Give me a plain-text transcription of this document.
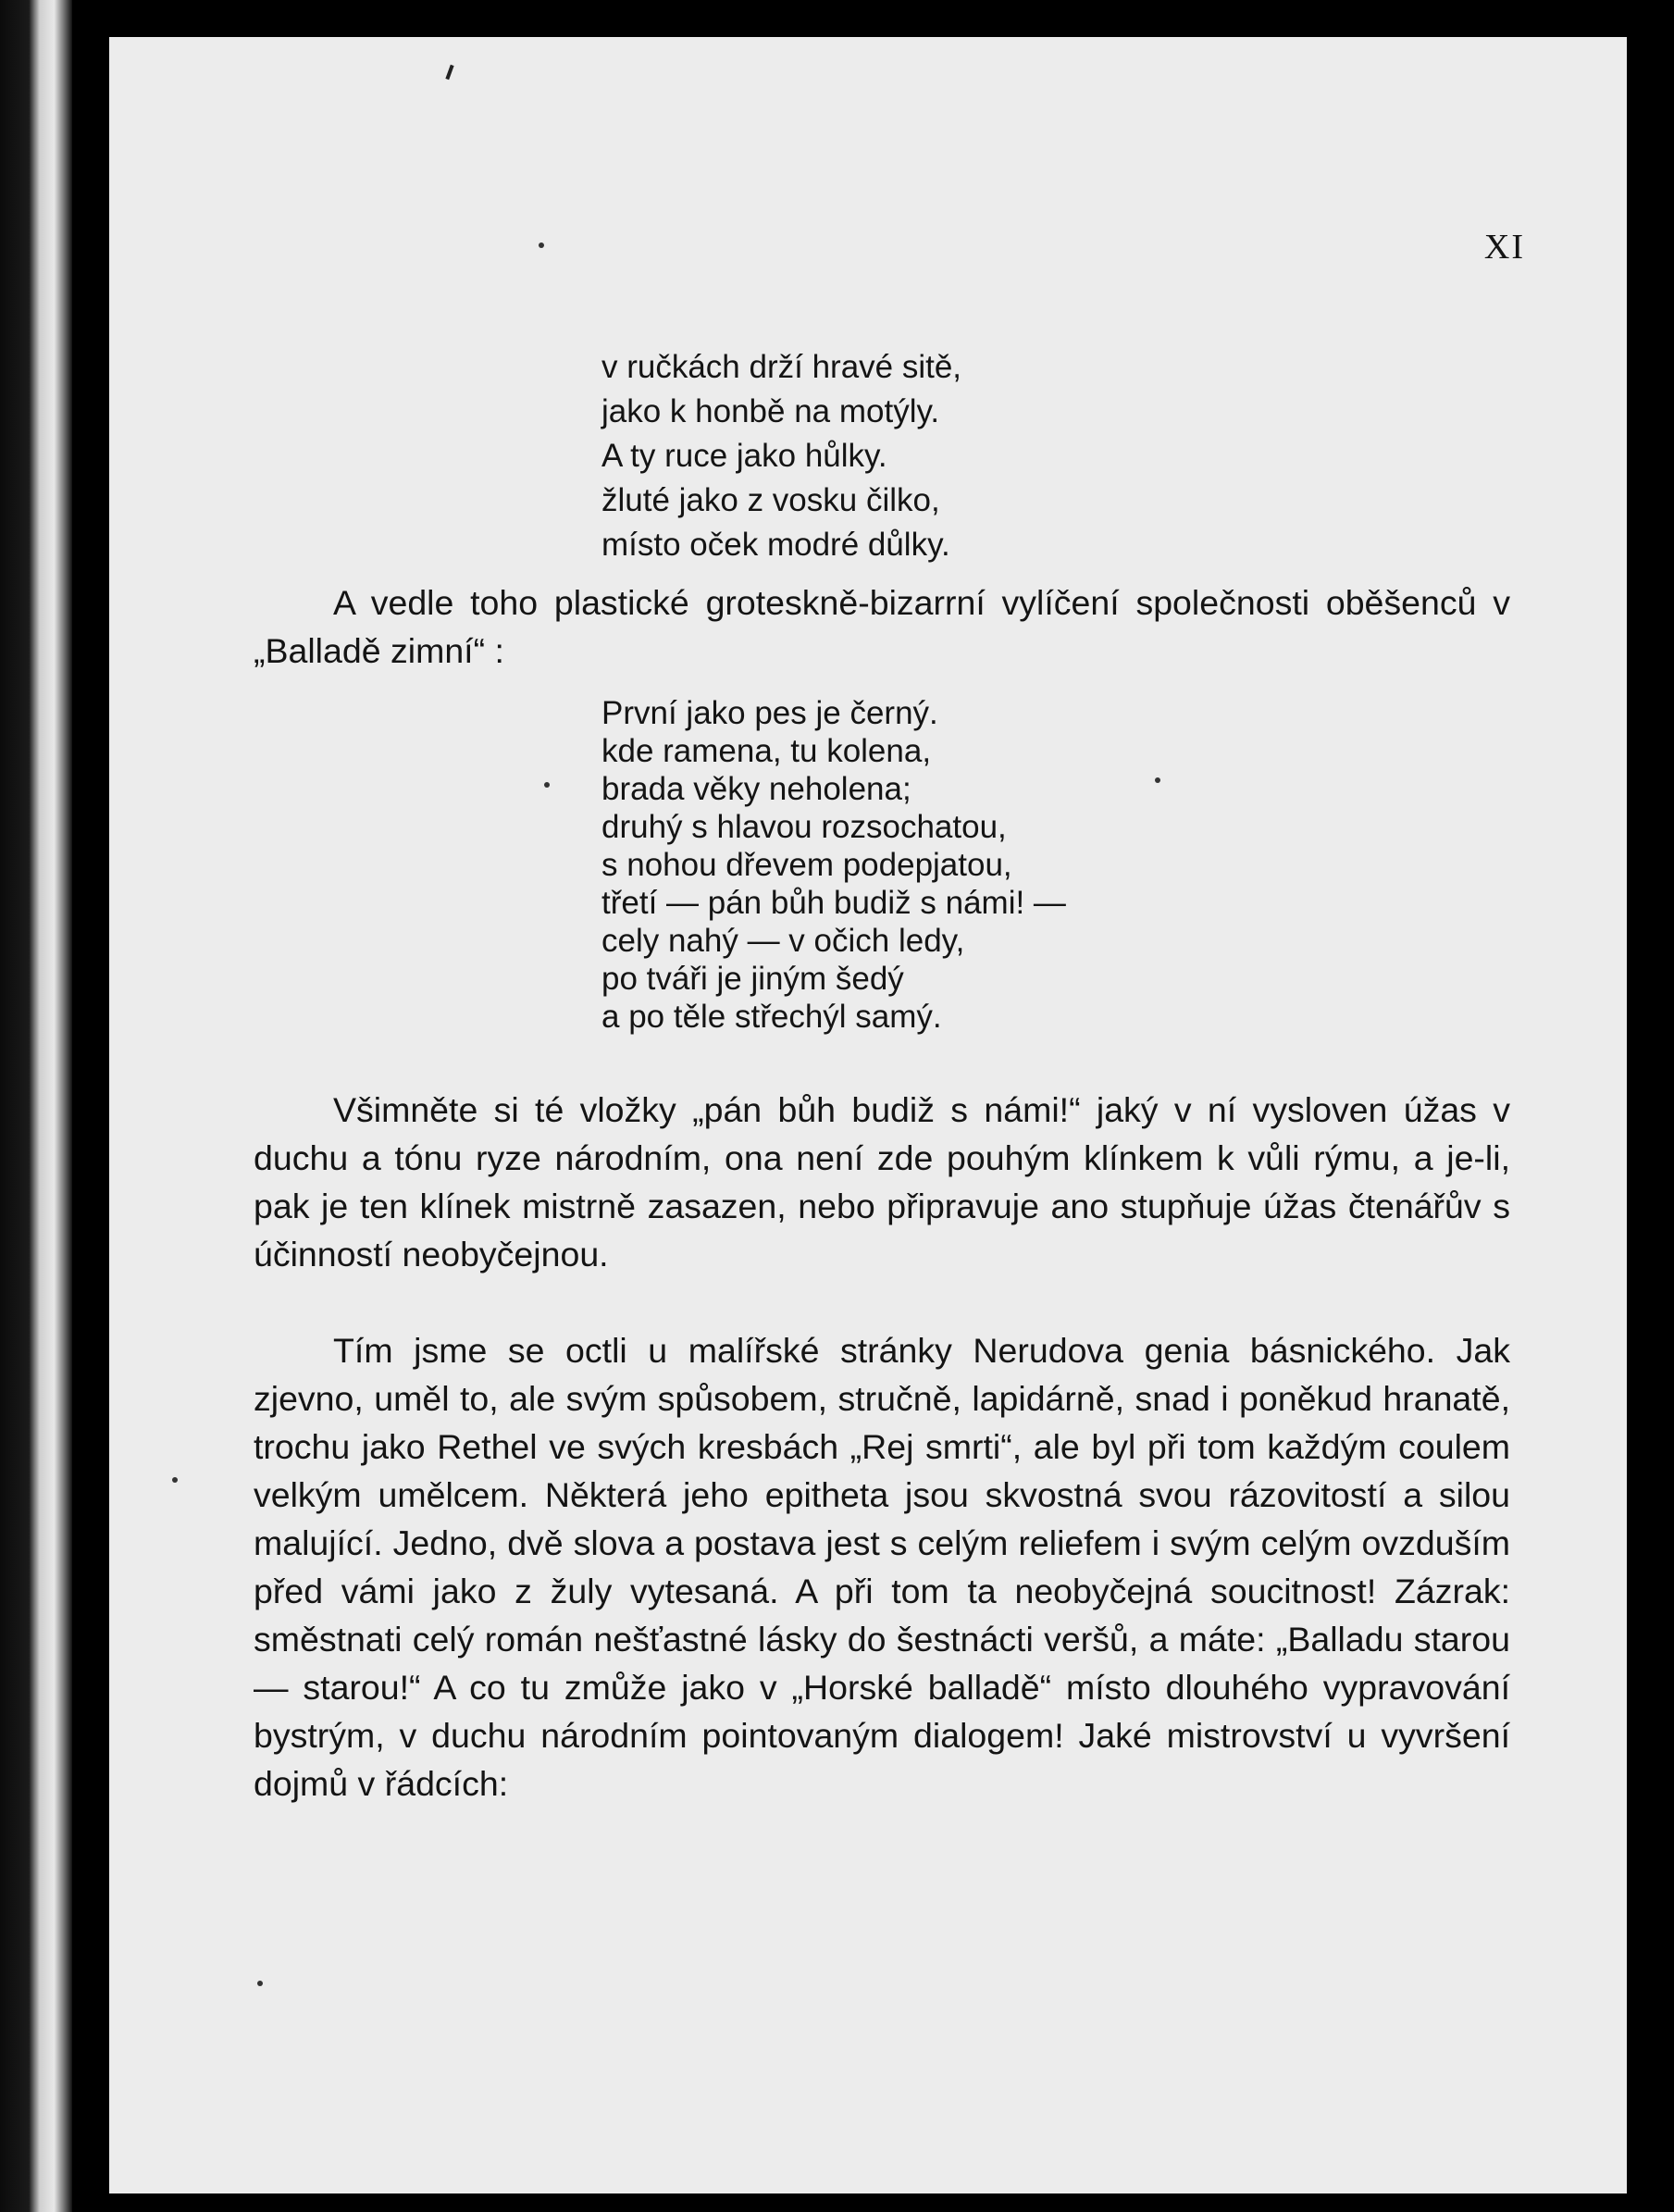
XI

v ručkách drží hravé sitě,
jako k honbě na motýly.
A ty ruce jako hůlky.
žluté jako z vosku čilko,
místo oček modré důlky.

A vedle toho plastické groteskně-bizarrní vylíčení společnosti oběšenců v „Balladě zimní“ :

První jako pes je černý.
kde ramena, tu kolena,
brada věky neholena;
druhý s hlavou rozsochatou,
s nohou dřevem podepjatou,
třetí — pán bůh budiž s námi! —
cely nahý — v očich ledy,
po tváři je jiným šedý
a po těle střechýl samý.

Všimněte si té vložky „pán bůh budiž s námi!“ jaký v ní vysloven úžas v duchu a tónu ryze národním, ona není zde pouhým klínkem k vůli rýmu, a je-li, pak je ten klínek mistrně zasazen, nebo připravuje ano stupňuje úžas čtenářův s účinností neobyčejnou.

Tím jsme se octli u malířské stránky Nerudova genia básnického. Jak zjevno, uměl to, ale svým spůsobem, stručně, lapidárně, snad i poněkud hranatě, trochu jako Rethel ve svých kresbách „Rej smrti“, ale byl při tom každým coulem velkým umělcem. Některá jeho epitheta jsou skvostná svou rázovitostí a silou malující. Jedno, dvě slova a postava jest s celým reliefem i svým celým ovzduším před vámi jako z žuly vytesaná. A při tom ta neobyčejná soucitnost! Zázrak: směstnati celý román nešťastné lásky do šestnácti veršů, a máte: „Balladu starou — starou!“ A co tu zmůže jako v „Horské balladě“ místo dlouhého vypravování bystrým, v duchu národním pointovaným dialogem! Jaké mistrovství u vyvršení dojmů v řádcích:
